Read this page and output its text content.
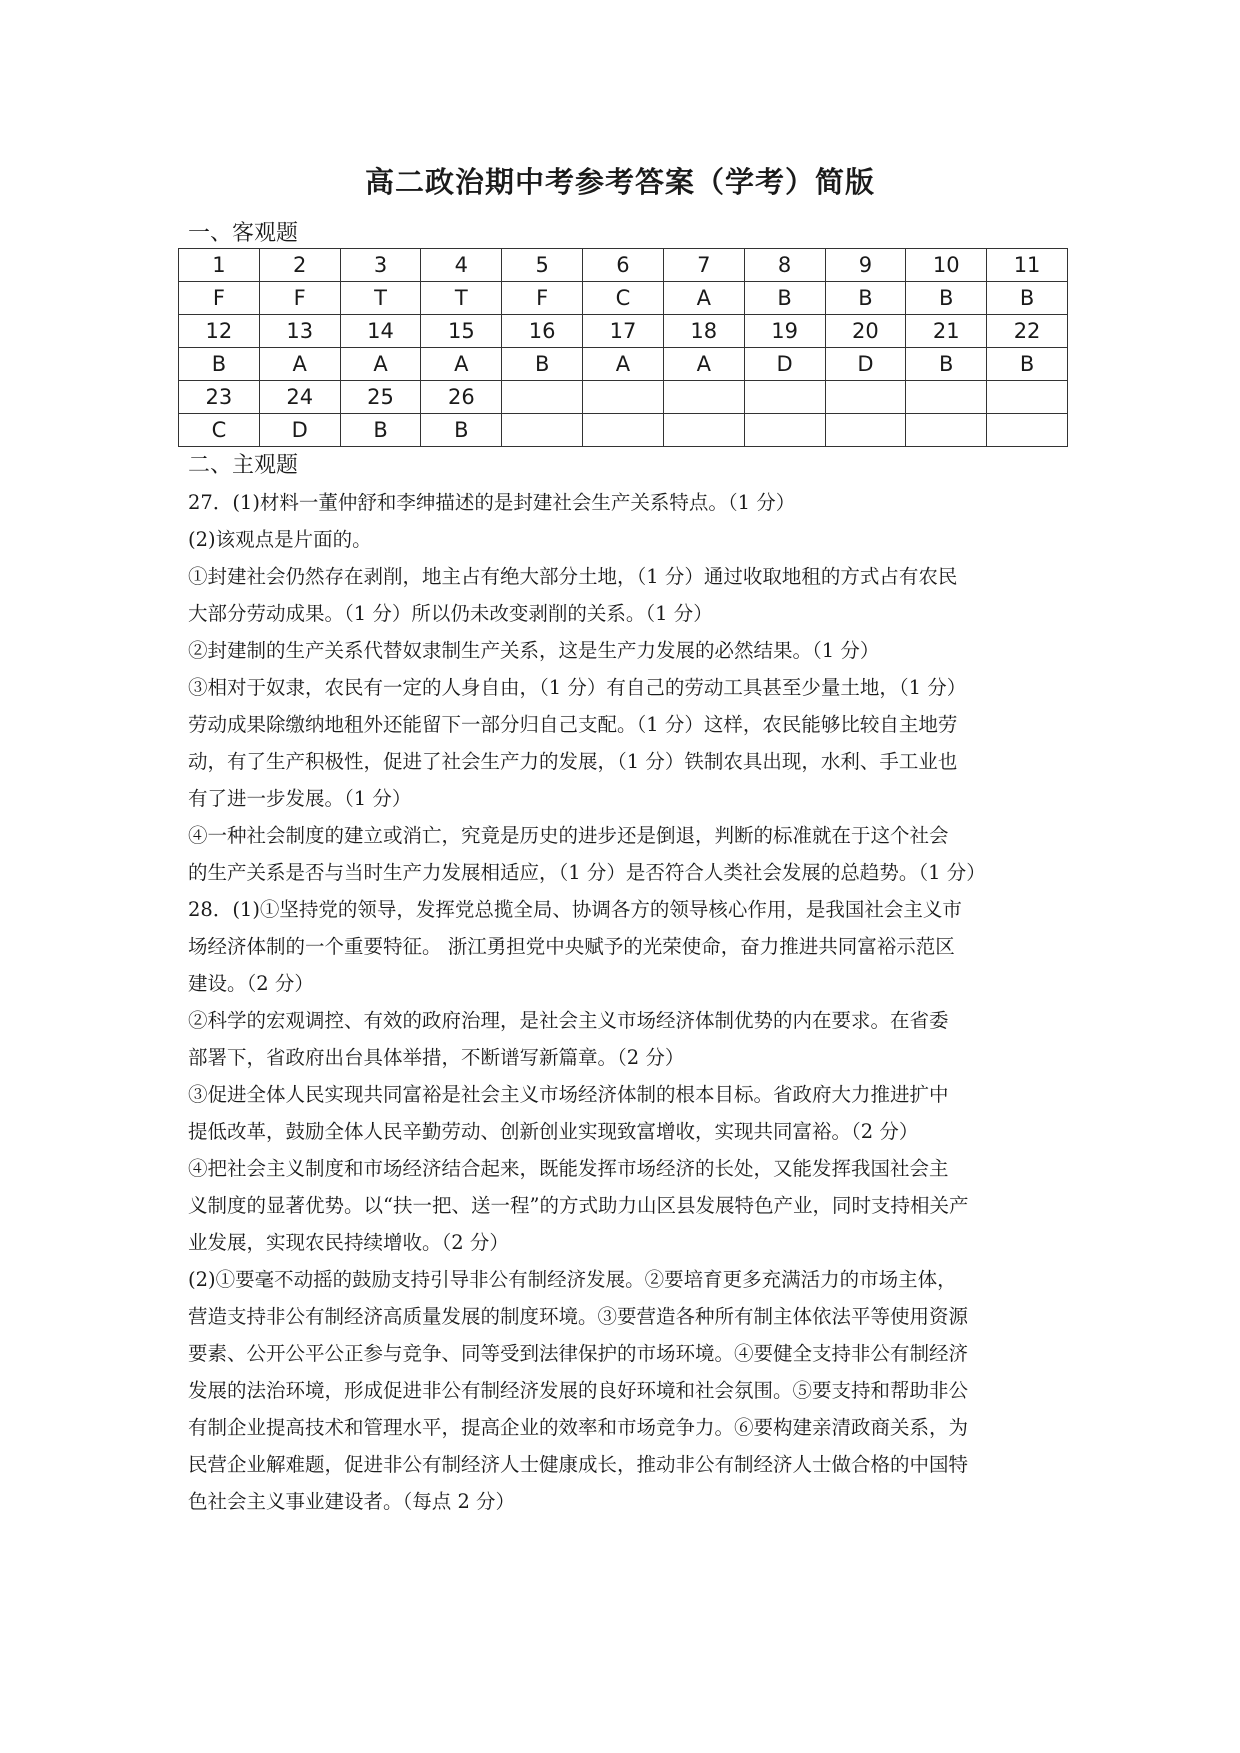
高二政治期中考参考答案（学考）简版
一、客观题
1	2	3	4	5	6	7	8	9	10	11
F	F	T	T	F	C	A	B	B	B	B
12	13	14	15	16	17	18	19	20	21	22
B	A	A	A	B	A	A	D	D	B	B
23	24	25	26							
C	D	B	B							
二、主观题

27．(1)材料一董仲舒和李绅描述的是封建社会生产关系特点。（1 分）

(2)该观点是片面的。

①封建社会仍然存在剥削，地主占有绝大部分土地，（1 分）通过收取地租的方式占有农民

大部分劳动成果。（1 分）所以仍未改变剥削的关系。（1 分）

②封建制的生产关系代替奴隶制生产关系，这是生产力发展的必然结果。（1 分）

③相对于奴隶，农民有一定的人身自由，（1 分）有自己的劳动工具甚至少量土地，（1 分）

劳动成果除缴纳地租外还能留下一部分归自己支配。（1 分）这样，农民能够比较自主地劳

动，有了生产积极性，促进了社会生产力的发展，（1 分）铁制农具出现，水利、手工业也

有了进一步发展。（1 分）

④一种社会制度的建立或消亡，究竟是历史的进步还是倒退，判断的标准就在于这个社会

的生产关系是否与当时生产力发展相适应，（1 分）是否符合人类社会发展的总趋势。（1 分）

28．(1)①坚持党的领导，发挥党总揽全局、协调各方的领导核心作用，是我国社会主义市

场经济体制的一个重要特征。 浙江勇担党中央赋予的光荣使命，奋力推进共同富裕示范区

建设。（2 分）

②科学的宏观调控、有效的政府治理，是社会主义市场经济体制优势的内在要求。在省委

部署下，省政府出台具体举措，不断谱写新篇章。（2 分）

③促进全体人民实现共同富裕是社会主义市场经济体制的根本目标。省政府大力推进扩中

提低改革，鼓励全体人民辛勤劳动、创新创业实现致富增收，实现共同富裕。（2 分）

④把社会主义制度和市场经济结合起来，既能发挥市场经济的长处，又能发挥我国社会主

义制度的显著优势。以“扶一把、送一程”的方式助力山区县发展特色产业，同时支持相关产

业发展，实现农民持续增收。（2 分）

(2)①要毫不动摇的鼓励支持引导非公有制经济发展。②要培育更多充满活力的市场主体，

营造支持非公有制经济高质量发展的制度环境。③要营造各种所有制主体依法平等使用资源

要素、公开公平公正参与竞争、同等受到法律保护的市场环境。④要健全支持非公有制经济

发展的法治环境，形成促进非公有制经济发展的良好环境和社会氛围。⑤要支持和帮助非公

有制企业提高技术和管理水平，提高企业的效率和市场竞争力。⑥要构建亲清政商关系，为

民营企业解难题，促进非公有制经济人士健康成长，推动非公有制经济人士做合格的中国特

色社会主义事业建设者。（每点 2 分）
